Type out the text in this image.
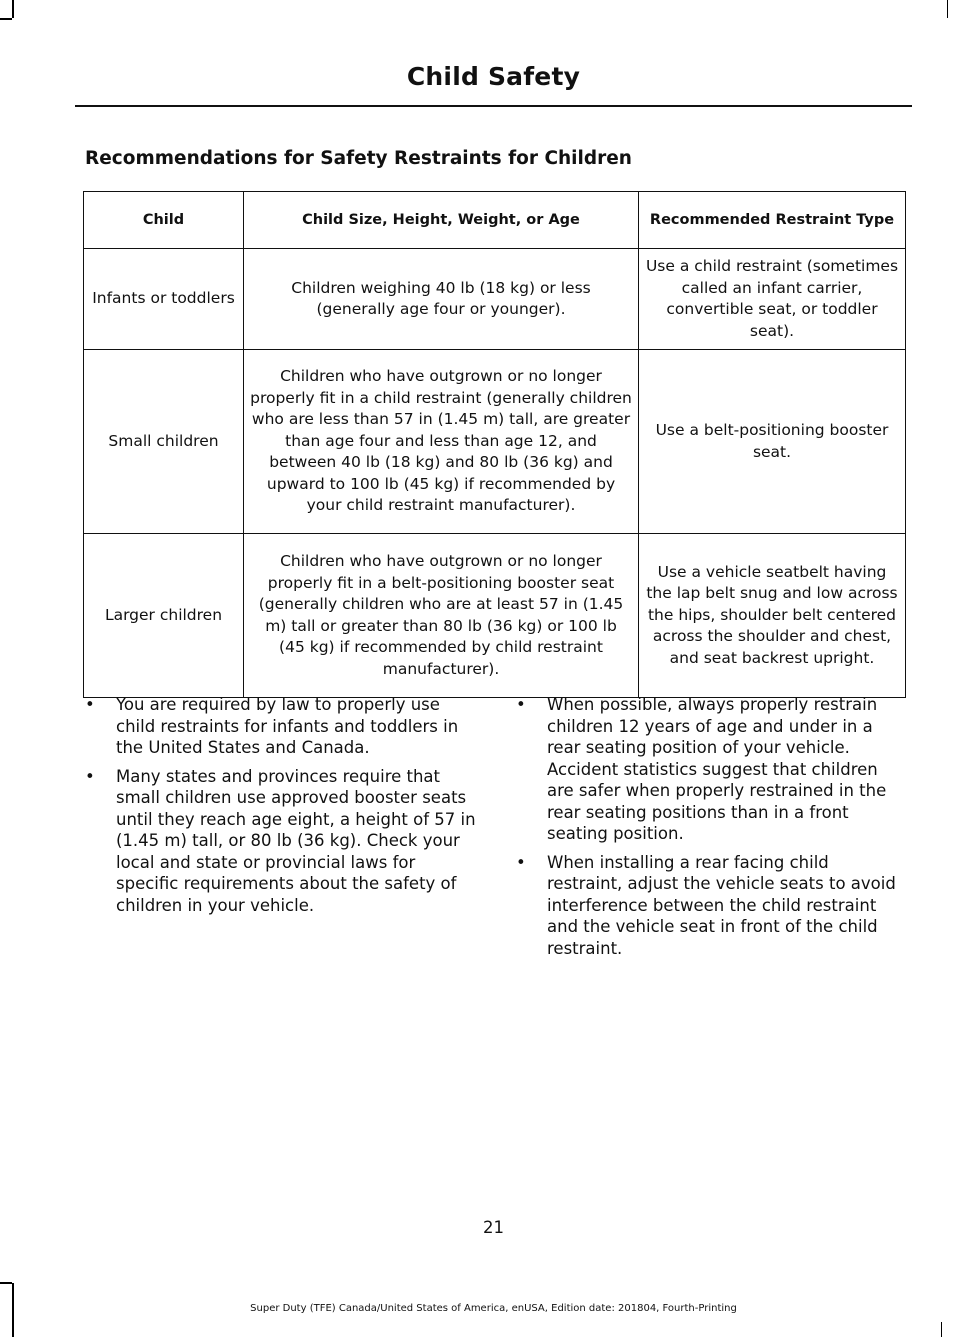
Child Safety
Recommendations for Safety Restraints for Children
Child	Child Size, Height, Weight, or Age	Recommended Restraint Type
Infants or toddlers	Children weighing 40 lb (18 kg) or less (generally age four or younger).	Use a child restraint (sometimes called an infant carrier, convertible seat, or toddler seat).
Small children	Children who have outgrown or no longer properly fit in a child restraint (generally children who are less than 57 in (1.45 m) tall, are greater than age four and less than age 12, and between 40 lb (18 kg) and 80 lb (36 kg) and upward to 100 lb (45 kg) if recommended by your child restraint manufacturer).	Use a belt-positioning booster seat.
Larger children	Children who have outgrown or no longer properly fit in a belt-positioning booster seat (generally children who are at least 57 in (1.45 m) tall or greater than 80 lb (36 kg) or 100 lb (45 kg) if recommended by child restraint manufacturer).	Use a vehicle seatbelt having the lap belt snug and low across the hips, shoulder belt centered across the shoulder and chest, and seat backrest upright.
• You are required by law to properly use child restraints for infants and toddlers in the United States and Canada.
• Many states and provinces require that small children use approved booster seats until they reach age eight, a height of 57 in (1.45 m) tall, or 80 lb (36 kg). Check your local and state or provincial laws for specific requirements about the safety of children in your vehicle.
• When possible, always properly restrain children 12 years of age and under in a rear seating position of your vehicle. Accident statistics suggest that children are safer when properly restrained in the rear seating positions than in a front seating position.
• When installing a rear facing child restraint, adjust the vehicle seats to avoid interference between the child restraint and the vehicle seat in front of the child restraint.
21
Super Duty (TFE) Canada/United States of America, enUSA, Edition date: 201804, Fourth-Printing
